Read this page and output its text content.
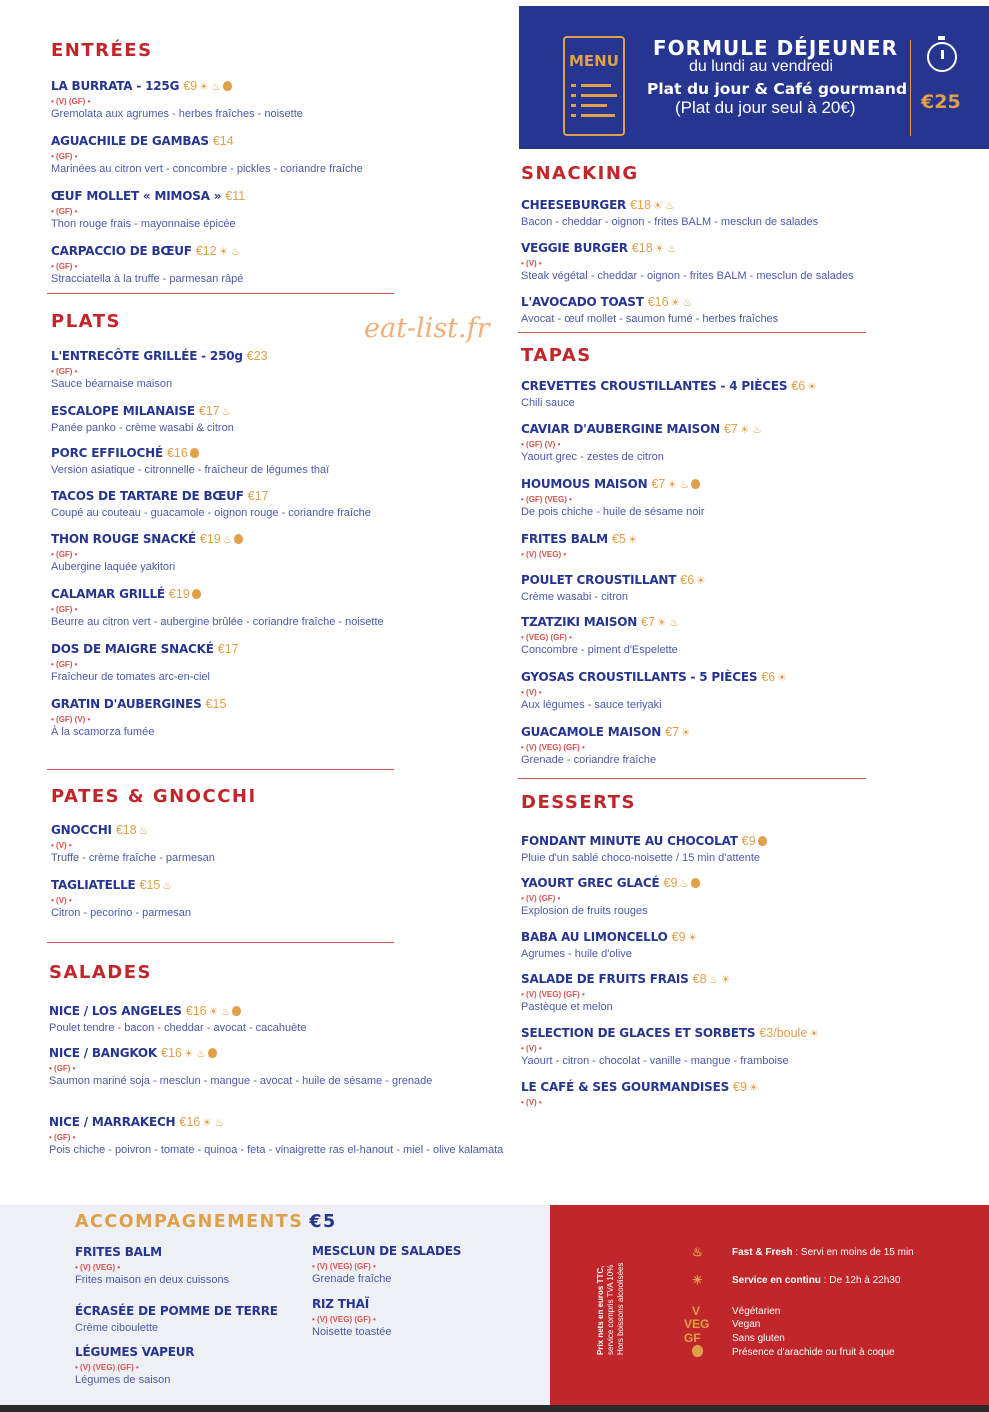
MENU
FORMULE DÉJEUNER
du lundi au vendredi
Plat du jour & Café gourmand
(Plat du jour seul à 20€)	€25
eat-list.fr
ENTRÉES
PLATS
PATES & GNOCCHI
SALADES
SNACKING
TAPAS
DESSERTS
ACCOMPAGNEMENTS €5
Prix nets en euros TTC, service compris TVA 10% Hors boissons alcoolisées
♨	Fast & Fresh : Servi en moins de 15 min
☀	Service en continu : De 12h à 22h30
V	Végétarien
VEG Vegan
GF	Sans gluten
Présence d'arachide ou fruit à coque
LA BURRATA - 125G €9 ☀ ♨
• (V) (GF) •
Gremolata aux agrumes - herbes fraîches - noisette
AGUACHILE DE GAMBAS €14
• (GF) •
Marinées au citron vert - concombre - pickles - coriandre fraîche
ŒUF MOLLET « MIMOSA » €11
• (GF) •
Thon rouge frais - mayonnaise épicée
CARPACCIO DE BŒUF €12 ☀ ♨
• (GF) •
Stracciatella à la truffe - parmesan râpé
L'ENTRECÔTE GRILLÉE - 250g €23
• (GF) •
Sauce béarnaise maison
ESCALOPE MILANAISE €17 ♨
Panée panko - crème wasabi & citron
PORC EFFILOCHÉ €16
Version asiatique - citronnelle - fraîcheur de légumes thaï
TACOS DE TARTARE DE BŒUF €17
Coupé au couteau - guacamole - oignon rouge - coriandre fraîche
THON ROUGE SNACKÉ €19 ♨
• (GF) •
Aubergine laquée yakitori
CALAMAR GRILLÉ €19
• (GF) •
Beurre au citron vert - aubergine brûlée - coriandre fraîche - noisette
DOS DE MAIGRE SNACKÉ €17
• (GF) •
Fraîcheur de tomates arc-en-ciel
GRATIN D'AUBERGINES €15
• (GF) (V) •
À la scamorza fumée
GNOCCHI €18 ♨
• (V) •
Truffe - crème fraîche - parmesan
TAGLIATELLE €15 ♨
• (V) •
Citron - pecorino - parmesan
NICE / LOS ANGELES €16 ☀ ♨
Poulet tendre - bacon - cheddar - avocat - cacahuète
NICE / BANGKOK €16 ☀ ♨
• (GF) •
Saumon mariné soja - mesclun - mangue - avocat - huile de sésame - grenade
NICE / MARRAKECH €16 ☀ ♨
• (GF) •
Pois chiche - poivron - tomate - quinoa - feta - vinaigrette ras el-hanout - miel - olive kalamata
CHEESEBURGER €18 ☀ ♨
Bacon - cheddar - oignon - frites BALM - mesclun de salades
VEGGIE BURGER €18 ☀ ♨
• (V) •
Steak végétal - cheddar - oignon - frites BALM - mesclun de salades
L'AVOCADO TOAST €16 ☀ ♨
Avocat - œuf mollet - saumon fumé - herbes fraîches
CREVETTES CROUSTILLANTES - 4 PIÈCES €6 ☀
Chili sauce
CAVIAR D'AUBERGINE MAISON €7 ☀ ♨
• (GF) (V) •
Yaourt grec - zestes de citron
HOUMOUS MAISON €7 ☀ ♨
• (GF) (VEG) •
De pois chiche - huile de sésame noir
FRITES BALM €5 ☀
• (V) (VEG) •
POULET CROUSTILLANT €6 ☀
Crème wasabi - citron
TZATZIKI MAISON €7 ☀ ♨
• (VEG) (GF) •
Concombre - piment d'Espelette
GYOSAS CROUSTILLANTS - 5 PIÈCES €6 ☀
• (V) •
Aux légumes - sauce teriyaki
GUACAMOLE MAISON €7 ☀
• (V) (VEG) (GF) •
Grenade - coriandre fraîche
FONDANT MINUTE AU CHOCOLAT €9
Pluie d'un sablé choco-noisette / 15 min d'attente
YAOURT GREC GLACÉ €9 ♨
• (V) (GF) •
Explosion de fruits rouges
BABA AU LIMONCELLO €9 ☀
Agrumes - huile d'olive
SALADE DE FRUITS FRAIS €8 ♨ ☀
• (V) (VEG) (GF) •
Pastèque et melon
SELECTION DE GLACES ET SORBETS €3/boule ☀
• (V) •
Yaourt - citron - chocolat - vanille - mangue - framboise
LE CAFÉ & SES GOURMANDISES €9 ☀
• (V) •
FRITES BALM
• (V) (VEG) •
Frites maison en deux cuissons
ÉCRASÉE DE POMME DE TERRE
Crème ciboulette
LÉGUMES VAPEUR
• (V) (VEG) (GF) •
Légumes de saison
MESCLUN DE SALADES
• (V) (VEG) (GF) •
Grenade fraîche
RIZ THAÏ
• (V) (VEG) (GF) •
Noisette toastée
